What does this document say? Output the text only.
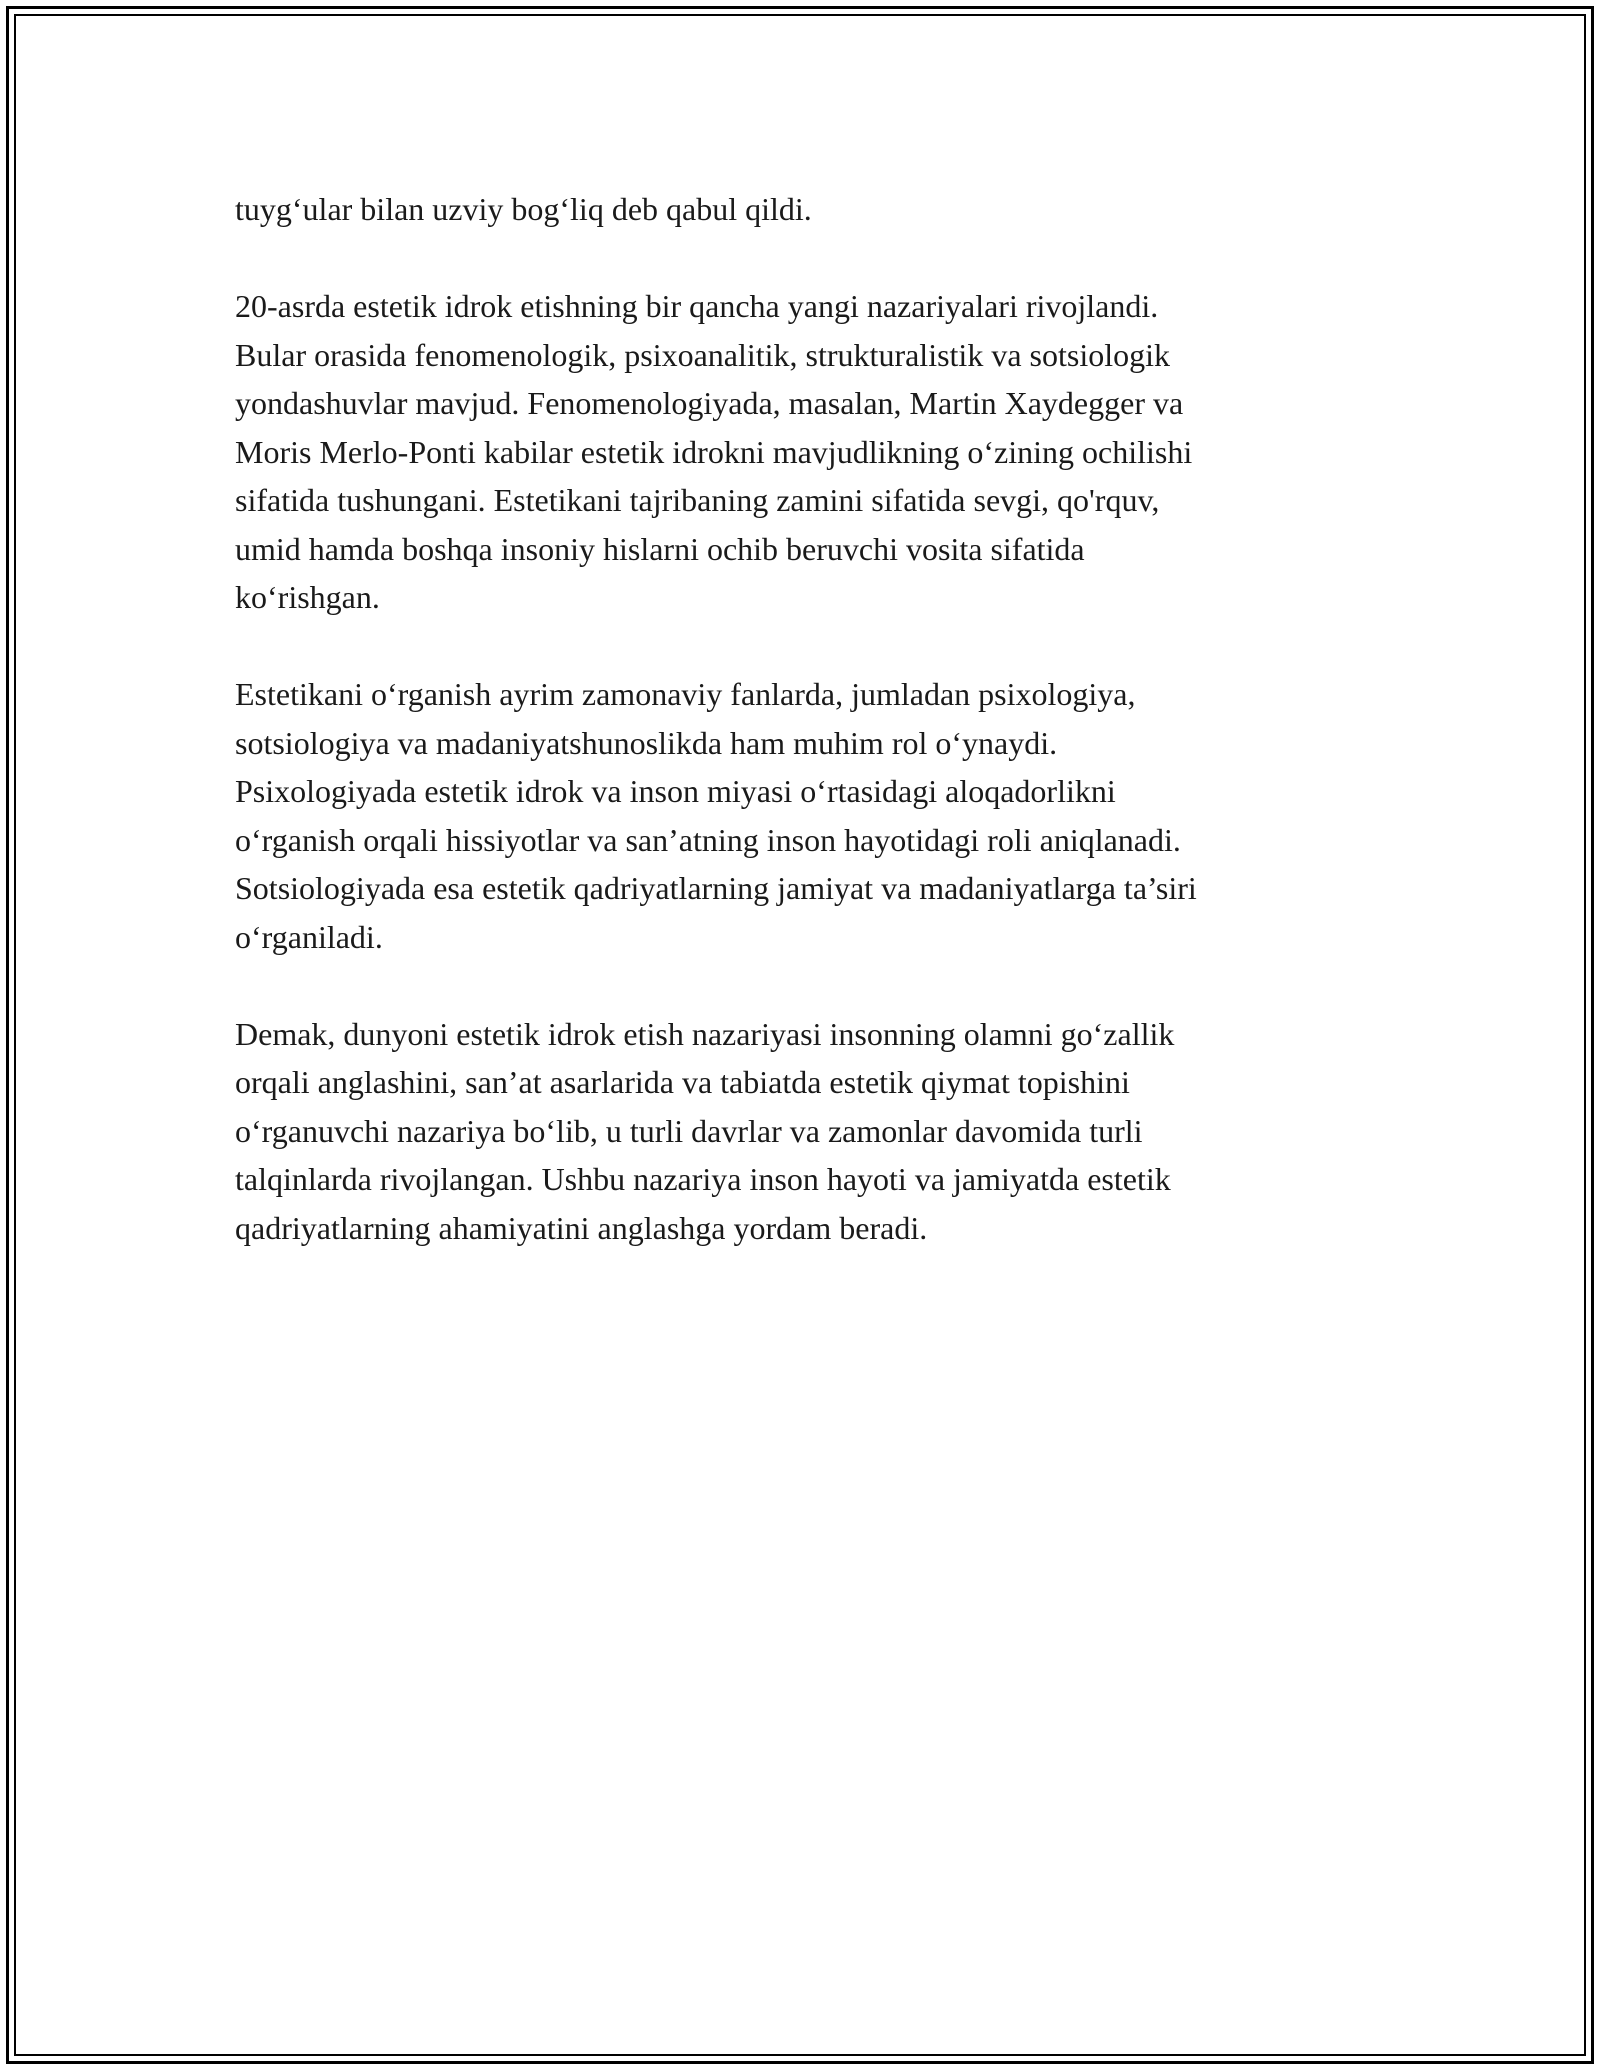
tuyg‘ular bilan uzviy bog‘liq deb qabul qildi.

20-asrda estetik idrok etishning bir qancha yangi nazariyalari rivojlandi.
Bular orasida fenomenologik, psixoanalitik, strukturalistik va sotsiologik
yondashuvlar mavjud. Fenomenologiyada, masalan, Martin Xaydegger va
Moris Merlo-Ponti kabilar estetik idrokni mavjudlikning o‘zining ochilishi
sifatida tushungani. Estetikani tajribaning zamini sifatida sevgi, qo'rquv,
umid hamda boshqa insoniy hislarni ochib beruvchi vosita sifatida
ko‘rishgan.

Estetikani o‘rganish ayrim zamonaviy fanlarda, jumladan psixologiya,
sotsiologiya va madaniyatshunoslikda ham muhim rol o‘ynaydi.
Psixologiyada estetik idrok va inson miyasi o‘rtasidagi aloqadorlikni
o‘rganish orqali hissiyotlar va san’atning inson hayotidagi roli aniqlanadi.
Sotsiologiyada esa estetik qadriyatlarning jamiyat va madaniyatlarga ta’siri
o‘rganiladi.

Demak, dunyoni estetik idrok etish nazariyasi insonning olamni go‘zallik
orqali anglashini, san’at asarlarida va tabiatda estetik qiymat topishini
o‘rganuvchi nazariya bo‘lib, u turli davrlar va zamonlar davomida turli
talqinlarda rivojlangan. Ushbu nazariya inson hayoti va jamiyatda estetik
qadriyatlarning ahamiyatini anglashga yordam beradi.
